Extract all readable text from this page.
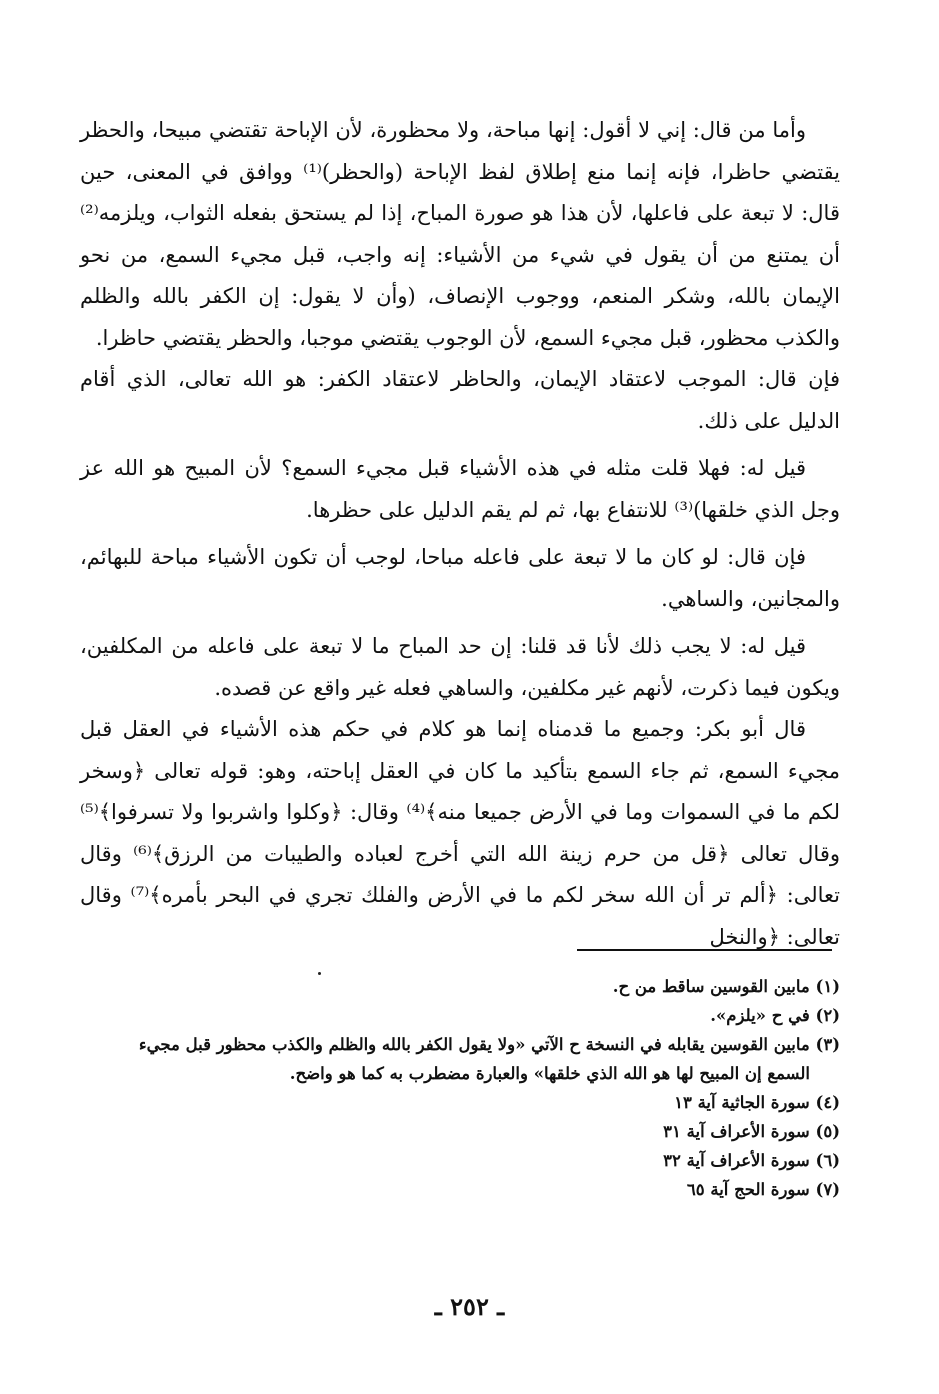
وأما من قال: إني لا أقول: إنها مباحة، ولا محظورة، لأن الإباحة تقتضي مبيحا، والحظر يقتضي حاظرا، فإنه إنما منع إطلاق لفظ الإباحة (والحظر)⁽¹⁾ ووافق في المعنى، حين قال: لا تبعة على فاعلها، لأن هذا هو صورة المباح، إذا لم يستحق بفعله الثواب، ويلزمه⁽²⁾ أن يمتنع من أن يقول في شيء من الأشياء: إنه واجب، قبل مجيء السمع، من نحو الإيمان بالله، وشكر المنعم، ووجوب الإنصاف، (وأن لا يقول: إن الكفر بالله والظلم والكذب محظور، قبل مجيء السمع، لأن الوجوب يقتضي موجبا، والحظر يقتضي حاظرا.

فإن قال: الموجب لاعتقاد الإيمان، والحاظر لاعتقاد الكفر: هو الله تعالى، الذي أقام الدليل على ذلك.

قيل له: فهلا قلت مثله في هذه الأشياء قبل مجيء السمع؟ لأن المبيح هو الله عز وجل الذي خلقها)⁽³⁾ للانتفاع بها، ثم لم يقم الدليل على حظرها.

فإن قال: لو كان ما لا تبعة على فاعله مباحا، لوجب أن تكون الأشياء مباحة للبهائم، والمجانين، والساهي.

قيل له: لا يجب ذلك لأنا قد قلنا: إن حد المباح ما لا تبعة على فاعله من المكلفين، ويكون فيما ذكرت، لأنهم غير مكلفين، والساهي فعله غير واقع عن قصده.

قال أبو بكر: وجميع ما قدمناه إنما هو كلام في حكم هذه الأشياء في العقل قبل مجيء السمع، ثم جاء السمع بتأكيد ما كان في العقل إباحته، وهو: قوله تعالى ﴿وسخر لكم ما في السموات وما في الأرض جميعا منه﴾⁽⁴⁾ وقال: ﴿وكلوا واشربوا ولا تسرفوا﴾⁽⁵⁾ وقال تعالى ﴿قل من حرم زينة الله التي أخرج لعباده والطيبات من الرزق﴾⁽⁶⁾ وقال تعالى: ﴿ألم تر أن الله سخر لكم ما في الأرض والفلك تجري في البحر بأمره﴾⁽⁷⁾ وقال تعالى: ﴿والنخل

(١) مابين القوسين ساقط من ح.

(٢) في ح «يلزم».

(٣) مابين القوسين يقابله في النسخة ح الآتي «ولا يقول الكفر بالله والظلم والكذب محظور قبل مجيء

السمع إن المبيح لها هو الله الذي خلقها» والعبارة مضطرب به كما هو واضح.

(٤) سورة الجاثية آية ١٣

(٥) سورة الأعراف آية ٣١

(٦) سورة الأعراف آية ٣٢

(٧) سورة الحج آية ٦٥

ـ ٢٥٢ ـ
